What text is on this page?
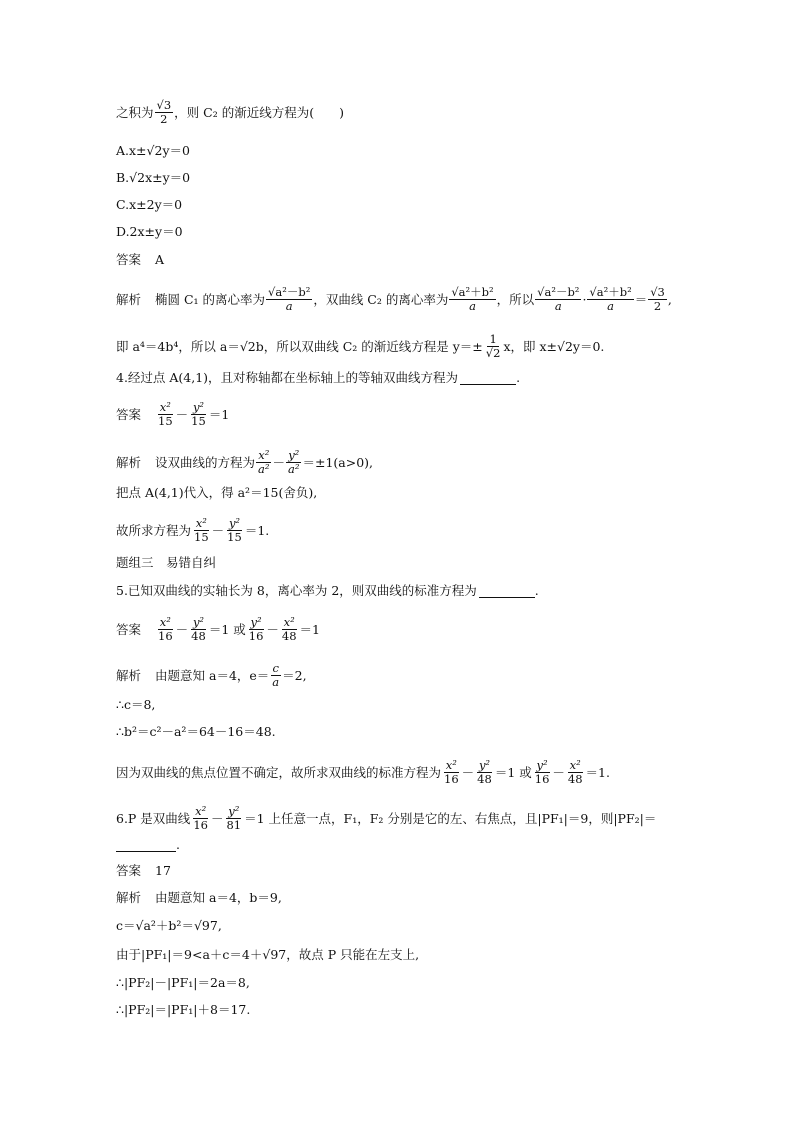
之积为 $\frac{√3}{2}$ ，则 C₂ 的渐近线方程为(　　)
A.x±√2y＝0
B.√2x±y＝0
C.x±2y＝0
D.2x±y＝0
答案 A
解析 椭圆 C₁ 的离心率为 $\frac{\text{√a²－b²}}{a}$ ，双曲线 C₂ 的离心率为 $\frac{\text{√a²＋b²}}{a}$ ，所以 $\frac{\text{√a²－b²}}{a} \cdot \frac{\text{√a²＋b²}}{a} = \frac{√3}{2}$ ,
即 a⁴＝4b⁴，所以 a＝√2b，所以双曲线 C₂ 的渐近线方程是 $y=\pm \frac{1}{√2}$ x，即 x±√2y＝0.
4.经过点 A(4,1)，且对称轴都在坐标轴上的等轴双曲线方程为	.
答案 $\frac{\text{x²}}{15} - \frac{\text{y²}}{15} =1$
解析 设双曲线的方程为 $\frac{\text{x²}}{\text{a²}} - \frac{\text{y²}}{\text{a²}} =\pm 1(a>0)$,
把点 A(4,1)代入，得 a²＝15(舍负),
故所求方程为 $\frac{\text{x²}}{15} - \frac{\text{y²}}{15} =1$.
题组三　易错自纠
5.已知双曲线的实轴长为 8，离心率为 2，则双曲线的标准方程为	.
答案 $\frac{\text{x²}}{16} - \frac{\text{y²}}{48} =1$ 或 $\frac{\text{y²}}{16} - \frac{\text{x²}}{48} =1$
解析 由题意知 a＝4，$e= \frac{c}{a} =2$,
∴c＝8,
∴b²＝c²－a²＝64－16＝48.
因为双曲线的焦点位置不确定，故所求双曲线的标准方程为 $\frac{\text{x²}}{16} - \frac{\text{y²}}{48} =1$ 或 $\frac{\text{y²}}{16} - \frac{\text{x²}}{48} =1$.
6.P 是双曲线 $\frac{\text{x²}}{16} - \frac{\text{y²}}{81} =1$ 上任意一点，F₁，F₂ 分别是它的左、右焦点，且|PF₁|＝9，则|PF₂|＝
.
答案 17
解析 由题意知 a＝4，b＝9,
c＝√a²＋b²＝√97,
由于|PF₁|＝9<a＋c＝4＋√97，故点 P 只能在左支上,
∴|PF₂|－|PF₁|＝2a＝8,
∴|PF₂|＝|PF₁|＋8＝17.
